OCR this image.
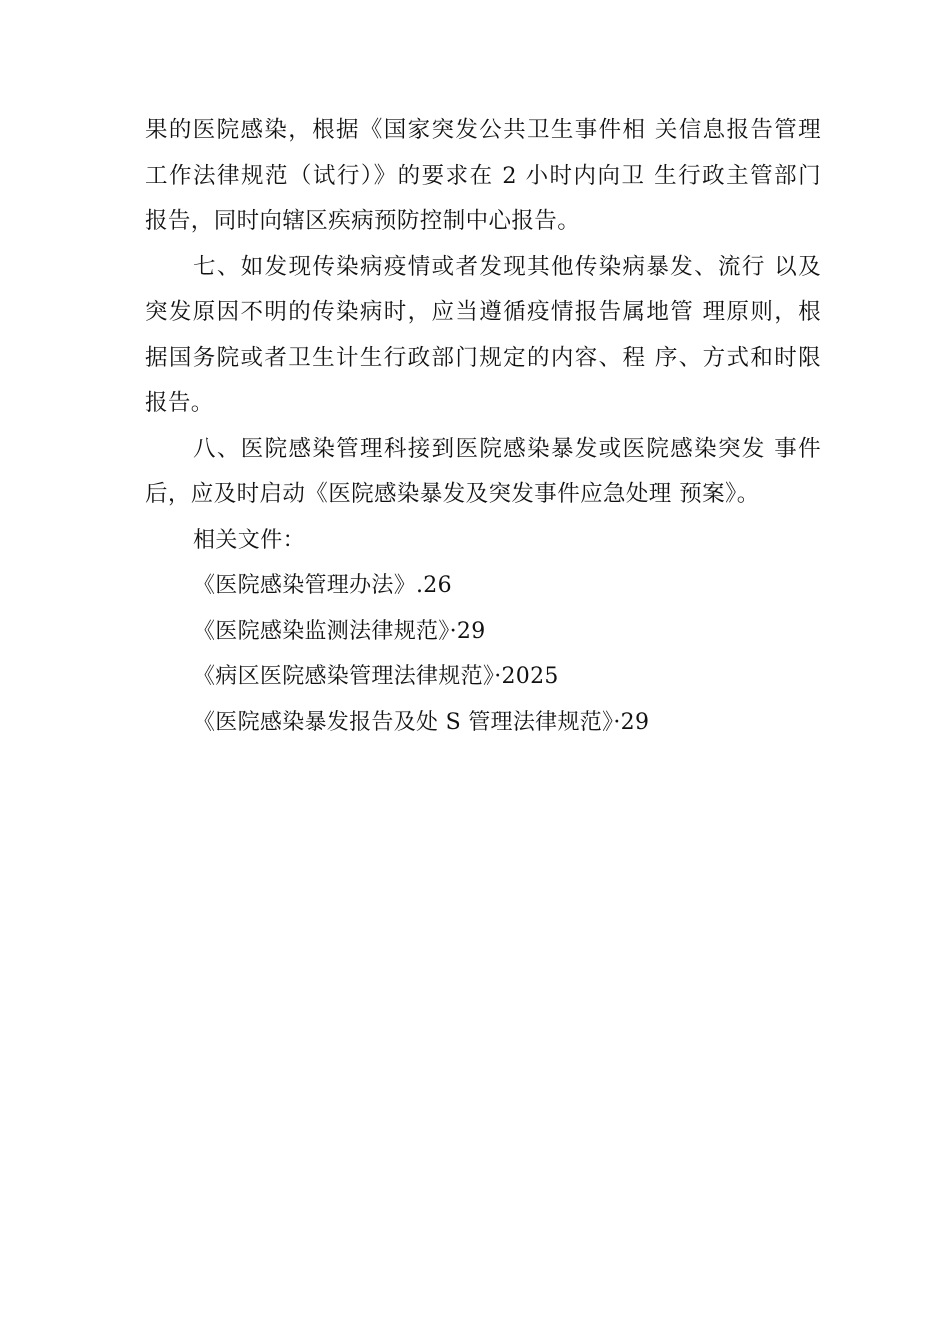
果的医院感染，根据《国家突发公共卫生事件相 关信息报告管理
工作法律规范（试行）》的要求在 2 小时内向卫 生行政主管部门
报告，同时向辖区疾病预防控制中心报告。

七、如发现传染病疫情或者发现其他传染病暴发、流行 以及
突发原因不明的传染病时，应当遵循疫情报告属地管 理原则，根
据国务院或者卫生计生行政部门规定的内容、程 序、方式和时限
报告。

八、医院感染管理科接到医院感染暴发或医院感染突发 事件
后，应及时启动《医院感染暴发及突发事件应急处理 预案》。

相关文件：

《医院感染管理办法》.26
《医院感染监测法律规范》·29
《病区医院感染管理法律规范》·2025
《医院感染暴发报告及处 S 管理法律规范》·29
